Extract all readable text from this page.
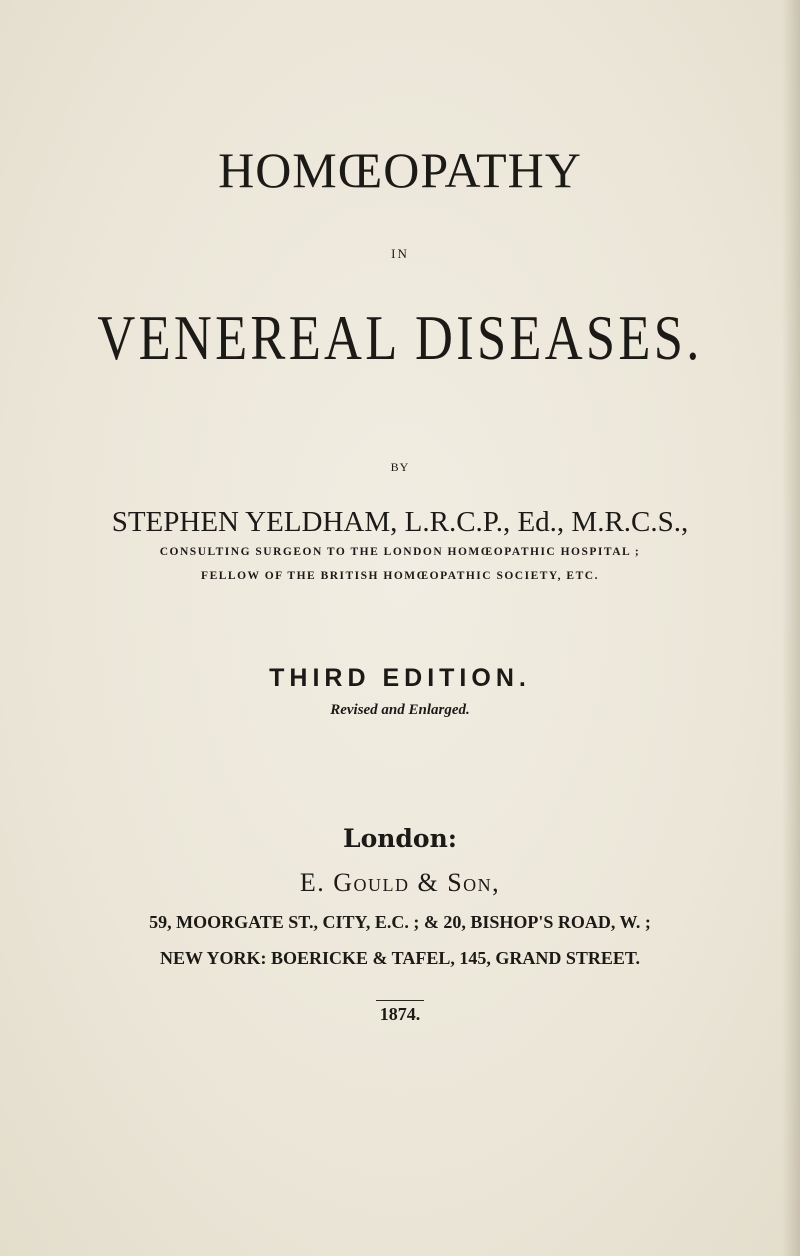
HOMŒOPATHY
IN
VENEREAL DISEASES.
BY
STEPHEN YELDHAM, L.R.C.P., Ed., M.R.C.S.,
CONSULTING SURGEON TO THE LONDON HOMŒOPATHIC HOSPITAL ;
FELLOW OF THE BRITISH HOMŒOPATHIC SOCIETY, ETC.
THIRD EDITION.
Revised and Enlarged.
London:
E. Gould & Son,
59, MOORGATE ST., CITY, E.C. ; & 20, BISHOP'S ROAD, W. ;
NEW YORK: BOERICKE & TAFEL, 145, GRAND STREET.
1874.
